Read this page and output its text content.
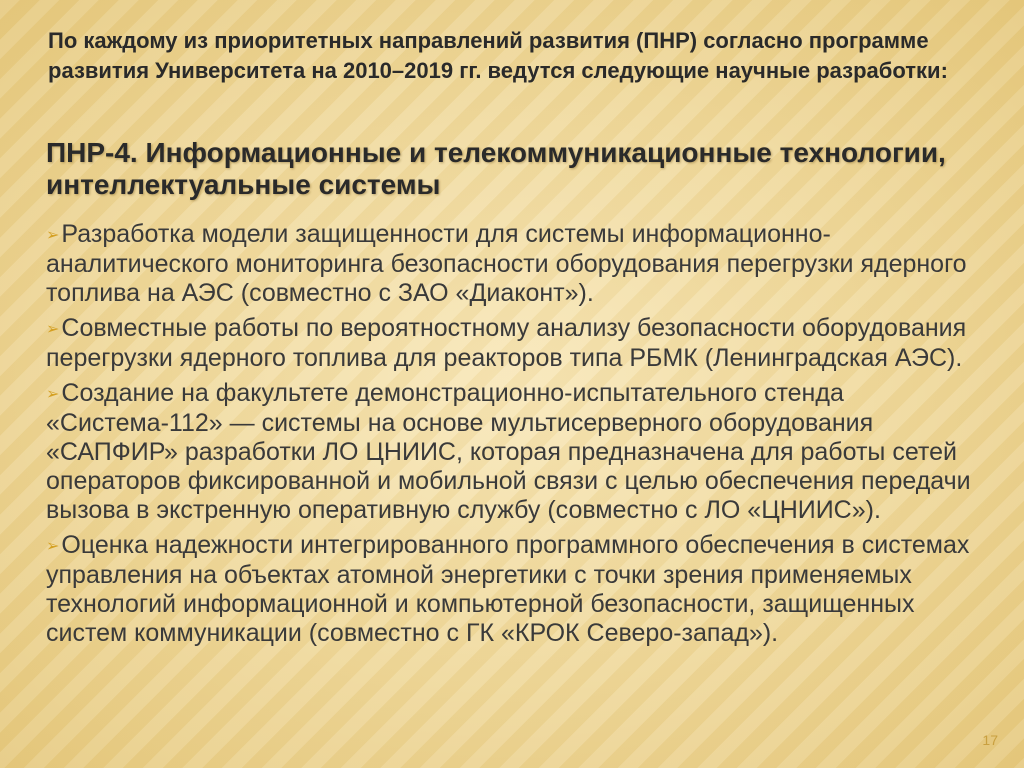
По каждому из приоритетных направлений развития (ПНР) согласно программе развития Университета на 2010–2019 гг. ведутся следующие научные разработки:
ПНР-4. Информационные и телекоммуникационные технологии, интеллектуальные системы
➢Разработка модели защищенности для системы информационно-аналитического мониторинга безопасности оборудования перегрузки ядерного топлива на АЭС (совместно с ЗАО «Диаконт»).
➢Совместные работы по вероятностному анализу безопасности оборудования перегрузки ядерного топлива для реакторов типа РБМК (Ленинградская АЭС).
➢Создание на факультете демонстрационно-испытательного стенда «Система-112» — системы на основе мультисерверного оборудования «САПФИР» разработки ЛО ЦНИИС, которая предназначена для работы сетей операторов фиксированной и мобильной связи с целью обеспечения передачи вызова в экстренную оперативную службу (совместно с ЛО «ЦНИИС»).
➢Оценка надежности интегрированного программного обеспечения в системах управления на объектах атомной энергетики с точки зрения применяемых технологий информационной и компьютерной безопасности, защищенных систем коммуникации (совместно с ГК «КРОК Северо-запад»).
17
